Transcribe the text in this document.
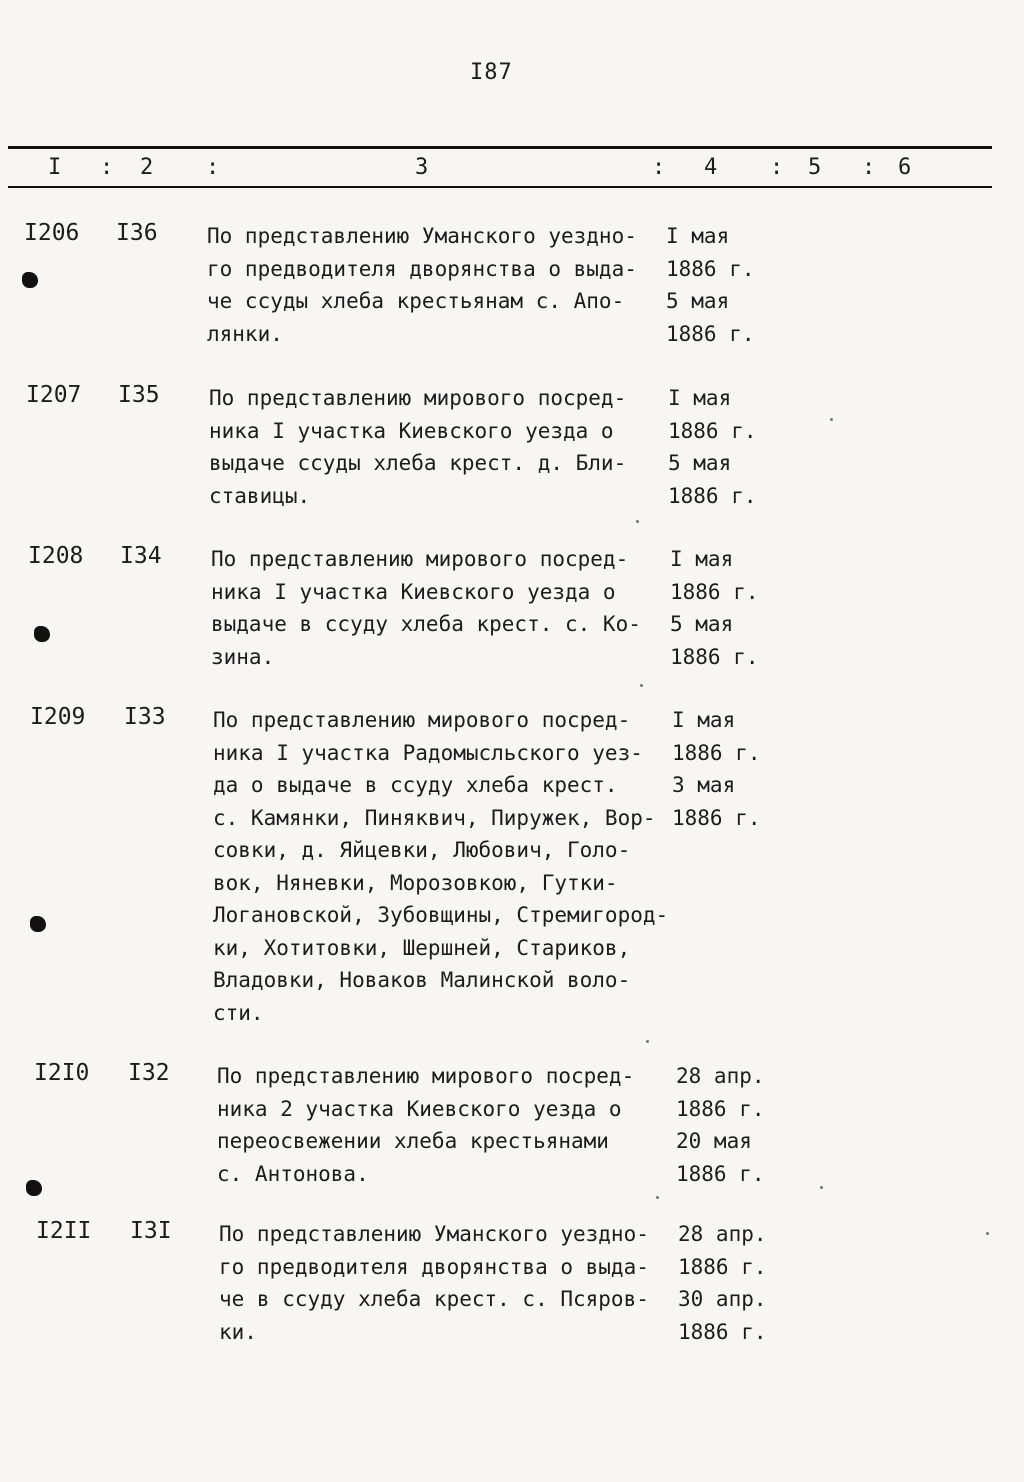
I87
I : 2 :	3	: 4 : 5 : 6
I206 I36 По представлению Уманского уездно-
го предводителя дворянства о выда-
че ссуды хлеба крестьянам с. Апо-
лянки.
I мая
1886 г.
5 мая
1886 г.
I207 I35 По представлению мирового посред-
ника I участка Киевского уезда о
выдаче ссуды хлеба крест. д. Бли-
ставицы.
I мая
1886 г.
5 мая
1886 г.
I208 I34 По представлению мирового посред-
ника I участка Киевского уезда о
выдаче в ссуду хлеба крест. с. Ко-
зина.
I мая
1886 г.
5 мая
1886 г.
I209 I33 По представлению мирового посред-
ника I участка Радомысльского уез-
да о выдаче в ссуду хлеба крест.
с. Камянки, Пиняквич, Пиружек, Вор-
совки, д. Яйцевки, Любович, Голо-
вок, Няневки, Морозовкою, Гутки-
Логановской, Зубовщины, Стремигород-
ки, Хотитовки, Шершней, Стариков,
Владовки, Новаков Малинской воло-
сти.
I мая
1886 г.
3 мая
1886 г.
I2I0 I32 По представлению мирового посред-
ника 2 участка Киевского уезда о
переосвежении хлеба крестьянами
с. Антонова.
28 апр.
1886 г.
20 мая
1886 г.
I2II I3I По представлению Уманского уездно-
го предводителя дворянства о выда-
че в ссуду хлеба крест. с. Псяров-
ки.
28 апр.
1886 г.
30 апр.
1886 г.
